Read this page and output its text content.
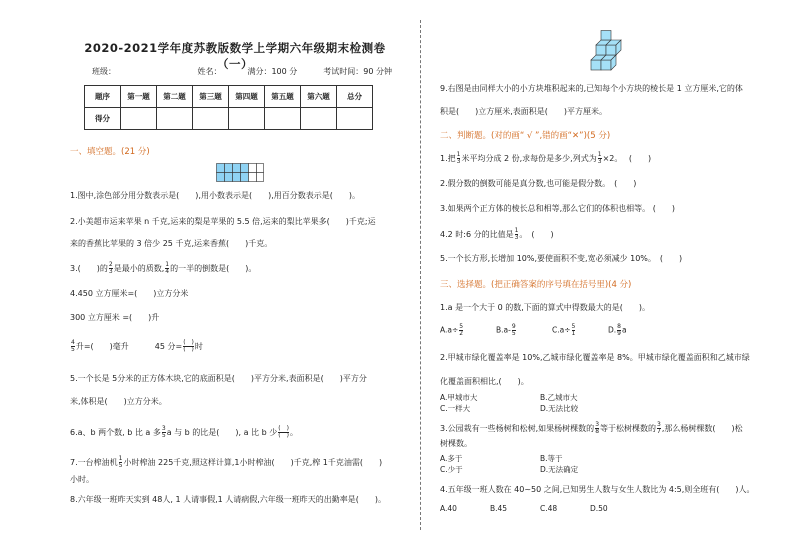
2020-2021学年度苏教版数学上学期六年级期末检测卷（一）
班级：	姓名：	满分：100 分	考试时间：90 分钟
题序	第一题	第二题	第三题	第四题	第五题	第六题	总分
得分							
一、填空题。(21 分)
1.图中,涂色部分用分数表示是(　　),用小数表示是(　　),用百分数表示是(　　)。
2.小美超市运来苹果 n 千克,运来的梨是苹果的 5.5 倍,运来的梨比苹果多(　　)千克;运
来的香蕉比苹果的 3 倍少 25 千克,运来香蕉(　　)千克。
3.(　　)的 $\frac{2}{3}$ 是最小的质数, $\frac{1}{4}$ 的一半的倒数是(　　)。
4.450 立方厘米=(　　)立方分米
300 立方厘米 =(　　)升
$\frac{4}{5}$ 升=(　　)毫升	45 分= $\frac{( )}{( )}$ 时
5.一个长是 5分米的正方体木块,它的底面积是(　　)平方分米,表面积是(　　)平方分
米,体积是(　　)立方分米。
6.a、b 两个数, b 比 a 多 $\frac{3}{5}$ a 与 b 的比是(　　), a 比 b 少 $\frac{( )}{( )}$ 。
7.一台榨油机 $\frac{1}{5}$ 小时榨油 225千克,照这样计算,1小时榨油(　　)千克,榨 1千克油需(　　)
小时。
8.六年级一班昨天实到 48人, 1 人请事假,1 人请病假,六年级一班昨天的出勤率是(　　)。
9.右图是由同样大小的小方块堆积起来的,已知每个小方块的棱长是 1 立方厘米,它的体
积是(　　)立方厘米,表面积是(　　)平方厘米。
二、判断题。(对的画“ √ ”,错的画“✕”)(5 分)
1.把 $\frac{1}{3}$ 米平均分成 2 份,求每份是多少,列式为 $\frac{1}{3} \times 2$。　 (　　)
2.假分数的倒数可能是真分数,也可能是假分数。　(　　)
3.如果两个正方体的棱长总和相等,那么它们的体积也相等。 (　　)
4.2 时:6 分的比值是 $\frac{1}{3}$ 。　(　　)
5.一个长方形,长增加 10%,要使面积不变,宽必须减少 10%。　(　　)
三、选择题。(把正确答案的序号填在括号里)(4 分)
1.a 是一个大于 0 的数,下面的算式中得数最大的是(　　)。
$A.a\div \frac{5}{2}$	$B.a- \frac{9}{5}$	$C.a\div \frac{5}{1}$	D. $\frac{8}{9}$ a
2.甲城市绿化覆盖率是 10%,乙城市绿化覆盖率是 8%。甲城市绿化覆盖面积和乙城市绿
化覆盖面积相比,(　　)。
A.甲城市大	B.乙城市大
C.一样大	D.无法比较
3.公园栽有一些杨树和松树,如果杨树棵数的 $\frac{3}{8}$ 等于松树棵数的 $\frac{3}{7}$ ,那么杨树棵数(　　)松
树棵数。
A.多于	B.等于
C.少于	D.无法确定
4.五年级一班人数在 40~50 之间,已知男生人数与女生人数比为 4:5,则全班有(　　)人。
A.40	B.45	C.48	D.50
